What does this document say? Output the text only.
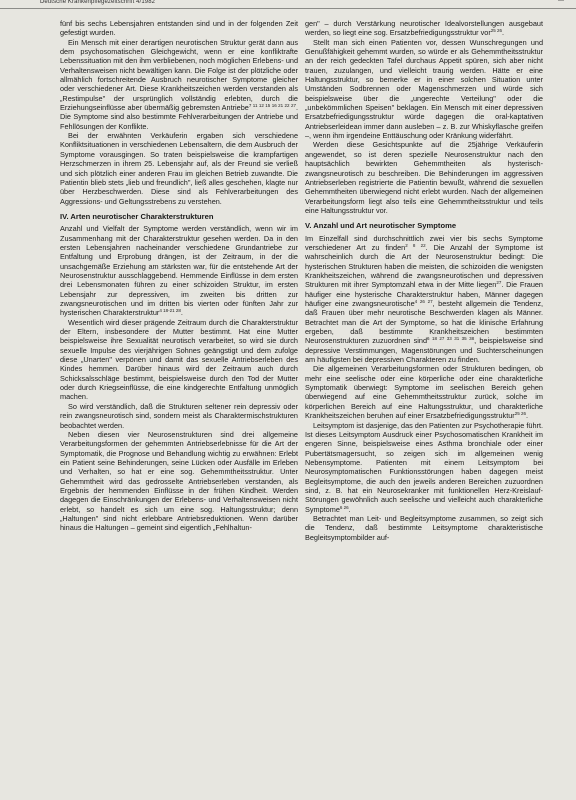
Deutsche Krankenpflegezeitschrift 4/1982	---

fünf bis sechs Lebensjahren entstanden sind und in der folgenden Zeit gefestigt wurden.

Ein Mensch mit einer derartigen neurotischen Struktur gerät dann aus dem psychosomatischen Gleichgewicht, wenn er eine konfliktrafte Lebenssituation mit den ihm verbliebenen, noch möglichen Erlebens- und Verhaltensweisen nicht bewältigen kann. Die Folge ist der plötzliche oder allmählich fortschreitende Ausbruch neurotischer Symptome gleicher oder verschiedener Art. Diese Krankheitszeichen werden verstanden als „Restimpulse" der ursprünglich vollständig erlebten, durch die Erziehungseinflüsse aber übermäßig gebremsten Antriebe$^{7 11 12 15 16 21 22 27}$. Die Symptome sind also bestimmte Fehlverarbeitungen der Antriebe und Fehllösungen der Konflikte.

Bei der erwähnten Verkäuferin ergaben sich verschiedene Konfliktsituationen in verschiedenen Lebensaltern, die dem Ausbruch der Symptome vorausgingen. So traten beispielsweise die krampfartigen Herzschmerzen in ihrem 25. Lebensjahr auf, als der Freund sie verließ und sich plötzlich einer anderen Frau im gleichen Betrieb zuwandte. Die Patientin blieb stets „lieb und freundlich", ließ alles geschehen, klagte nur über Herzbeschwerden. Diese sind als Fehlverarbeitungen des Aggressions- und Geltungsstrebens zu verstehen.

IV. Arten neurotischer Charakterstrukturen

Anzahl und Vielfalt der Symptome werden verständlich, wenn wir im Zusammenhang mit der Charakterstruktur gesehen werden. Da in den ersten Lebensjahren nacheinander verschiedene Grundantriebe zur Entfaltung und Erprobung drängen, ist der Zeitraum, in der die unsachgemäße Erziehung am stärksten war, für die entstehende Art der Neurosenstruktur ausschlaggebend. Hemmende Einflüsse in dem ersten drei Lebensmonaten führen zu einer schizoiden Struktur, im ersten Lebensjahr zur depressiven, im zweiten bis dritten zur zwangsneurotischen und im dritten bis vierten oder fünften Jahr zur hysterischen Charakterstruktur$^{4 18-21 28}$.

Wesentlich wird dieser prägende Zeitraum durch die Charakterstruktur der Eltern, insbesondere der Mutter bestimmt. Hat eine Mutter beispielsweise ihre Sexualität neurotisch verarbeitet, so wird sie durch sexuelle Impulse des vierjährigen Sohnes geängstigt und dem zufolge diese „Unarten" verpönen und damit das sexuelle Antriebserleben des Kindes hemmen. Darüber hinaus wird der Zeitraum auch durch Schicksalsschläge bestimmt, beispielsweise durch den Tod der Mutter oder durch Kriegseinflüsse, die eine kindgerechte Entfaltung unmöglich machen.

So wird verständlich, daß die Strukturen seltener rein depressiv oder rein zwangsneurotisch sind, sondern meist als Charaktermischstrukturen beobachtet werden.

Neben diesen vier Neurosenstrukturen sind drei allgemeine Verarbeitungsformen der gehemmten Antriebserlebnisse für die Art der Symptomatik, die Prognose und Behandlung wichtig zu erwähnen: Erlebt ein Patient seine Behinderungen, seine Lücken oder Ausfälle im Erleben und Verhalten, so hat er eine sog. Gehemmtheitsstruktur. Unter Gehemmtheit wird das gedrosselte Antriebserleben verstanden, als Ergebnis der hemmenden Einflüsse in der frühen Kindheit. Werden dagegen die Einschränkungen der Erlebens- und Verhaltensweisen nicht erlebt, so handelt es sich um eine sog. Haltungsstruktur; denn „Haltungen" sind nicht erlebbare Antriebsreduktionen. Wenn darüber hinaus die Haltungen – gemeint sind eigentlich „Fehlhaltun-

gen" – durch Verstärkung neurotischer Idealvorstellungen ausgebaut werden, so liegt eine sog. Ersatzbefriedigungsstruktur vor$^{25 26}$.

Stellt man sich einen Patienten vor, dessen Wunschregungen und Genußfähigkeit gehemmt wurden, so würde er als Gehemmtheitsstruktur an der reich gedeckten Tafel durchaus Appetit spüren, sich aber nicht trauen, zuzulangen, und vielleicht traurig werden. Hätte er eine Haltungsstruktur, so bemerke er in einer solchen Situation unter Umständen Sodbrennen oder Magenschmerzen und würde sich beispielsweise über die „ungerechte Verteilung" oder die „unbekömmlichen Speisen" beklagen. Ein Mensch mit einer depressiven Ersatzbefriedigungsstruktur würde dagegen die oral-kaptativen Antriebserleidean immer dann ausleben – z. B. zur Whiskyflasche greifen –, wenn ihm irgendeine Enttäuschung oder Kränkung widerfährt.

Werden diese Gesichtspunkte auf die 25jährige Verkäuferin angewendet, so ist deren spezielle Neurosenstruktur nach den hauptsächlich bewirkten Gehemmtheiten als hysterisch-zwangsneurotisch zu beschreiben. Die Behinderungen im aggressiven Antriebserleben registrierte die Patientin bewußt, während die sexuellen Gehemmtheiten überwiegend nicht erlebt wurden. Nach der allgemeinen Verarbeitungsform liegt also teils eine Gehemmtheitsstruktur und teils eine Haltungsstruktur vor.

V. Anzahl und Art neurotischer Symptome

Im Einzelfall sind durchschnittlich zwei vier bis sechs Symptome verschiedener Art zu finden$^{2 8 22}$. Die Anzahl der Symptome ist wahrscheinlich durch die Art der Neurosenstruktur bedingt: Die hysterischen Strukturen haben die meisten, die schizoiden die wenigsten Krankheitszeichen, während die zwangsneurotischen und depressiven Strukturen mit ihrer Symptomzahl etwa in der Mitte liegen$^{27}$. Die Frauen häufiger eine hysterische Charakterstruktur haben, Männer dagegen häufiger eine zwangsneurotische$^{4 26 27}$, besteht allgemein die Tendenz, daß Frauen über mehr neurotische Beschwerden klagen als Männer. Betrachtet man die Art der Symptome, so hat die klinische Erfahrung ergeben, daß bestimmte Krankheitszeichen bestimmten Neurosenstrukturen zuzuordnen sind$^{6 18 27 33 31 35 38}$, beispielsweise sind depressive Verstimmungen, Magenstörungen und Suchterscheinungen am häufigsten bei depressiven Charakteren zu finden.

Die allgemeinen Verarbeitungsformen oder Strukturen bedingen, ob mehr eine seelische oder eine körperliche oder eine charakterliche Symptomatik überwiegt: Symptome im seelischen Bereich gehen überwiegend auf eine Gehemmtheitsstruktur zurück, solche im körperlichen Bereich auf eine Haltungsstruktur, und charakterliche Krankheitszeichen beruhen auf einer Ersatzbefriedigungsstruktur$^{25 26}$.

Leitsymptom ist dasjenige, das den Patienten zur Psychotherapie führt. Ist dieses Leitsymptom Ausdruck einer Psychosomatischen Krankheit im engeren Sinne, beispielsweise eines Asthma bronchiale oder einer Pubertätsmagersucht, so zeigen sich im allgemeinen wenig Nebensymptome. Patienten mit einem Leitsymptom bei Neurosymptomatischen Funktionsstörungen haben dagegen meist Begleitsymptome, die auch den jeweils anderen Bereichen zuzuordnen sind, z. B. hat ein Neurosekranker mit funktionellen Herz-Kreislauf-Störungen gewöhnlich auch seelische und vielleicht auch charakterliche Symptome$^{6 26}$.

Betrachtet man Leit- und Begleitsymptome zusammen, so zeigt sich die Tendenz, daß bestimmte Leitsymptome charakteristische Begleitsymptombilder auf-
